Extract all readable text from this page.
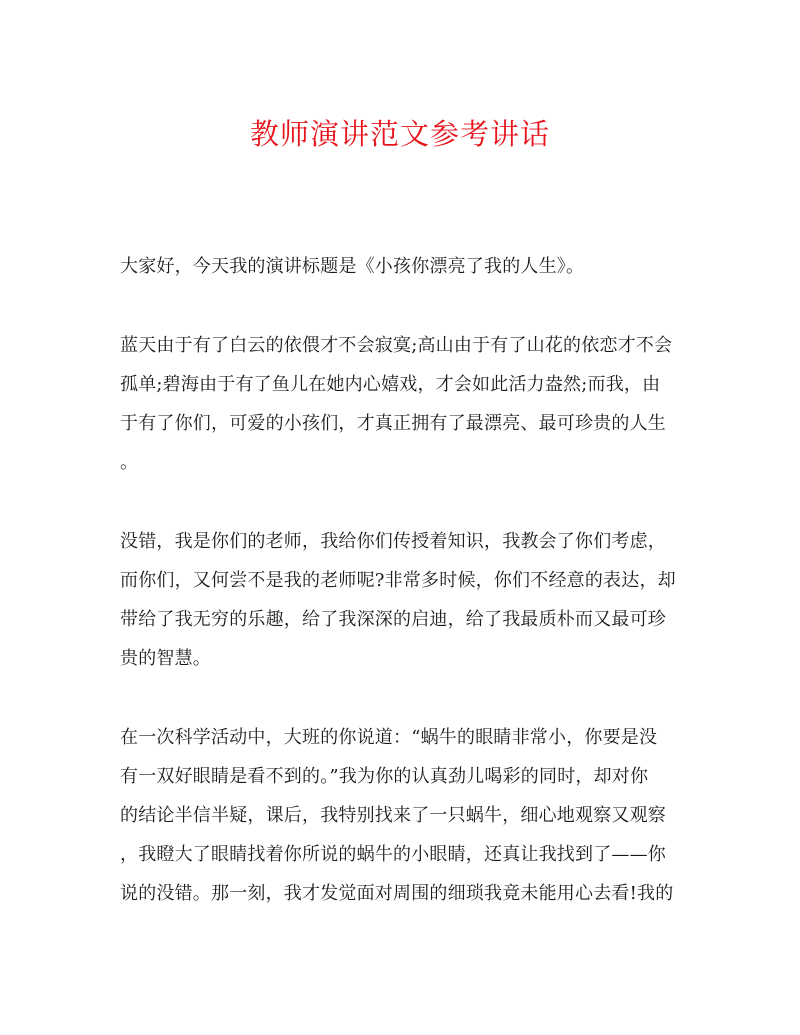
教师演讲范文参考讲话

大家好，今天我的演讲标题是《小孩你漂亮了我的人生》。

蓝天由于有了白云的依偎才不会寂寞;高山由于有了山花的依恋才不会
孤单;碧海由于有了鱼儿在她内心嬉戏，才会如此活力盎然;而我，由
于有了你们，可爱的小孩们，才真正拥有了最漂亮、最可珍贵的人生
。

没错，我是你们的老师，我给你们传授着知识，我教会了你们考虑，
而你们，又何尝不是我的老师呢?非常多时候，你们不经意的表达，却
带给了我无穷的乐趣，给了我深深的启迪，给了我最质朴而又最可珍
贵的智慧。

在一次科学活动中，大班的你说道：“蜗牛的眼睛非常小，你要是没
有一双好眼睛是看不到的。”我为你的认真劲儿喝彩的同时，却对你
的结论半信半疑，课后，我特别找来了一只蜗牛，细心地观察又观察
，我瞪大了眼睛找着你所说的蜗牛的小眼睛，还真让我找到了——你
说的没错。那一刻，我才发觉面对周围的细琐我竟未能用心去看!我的
